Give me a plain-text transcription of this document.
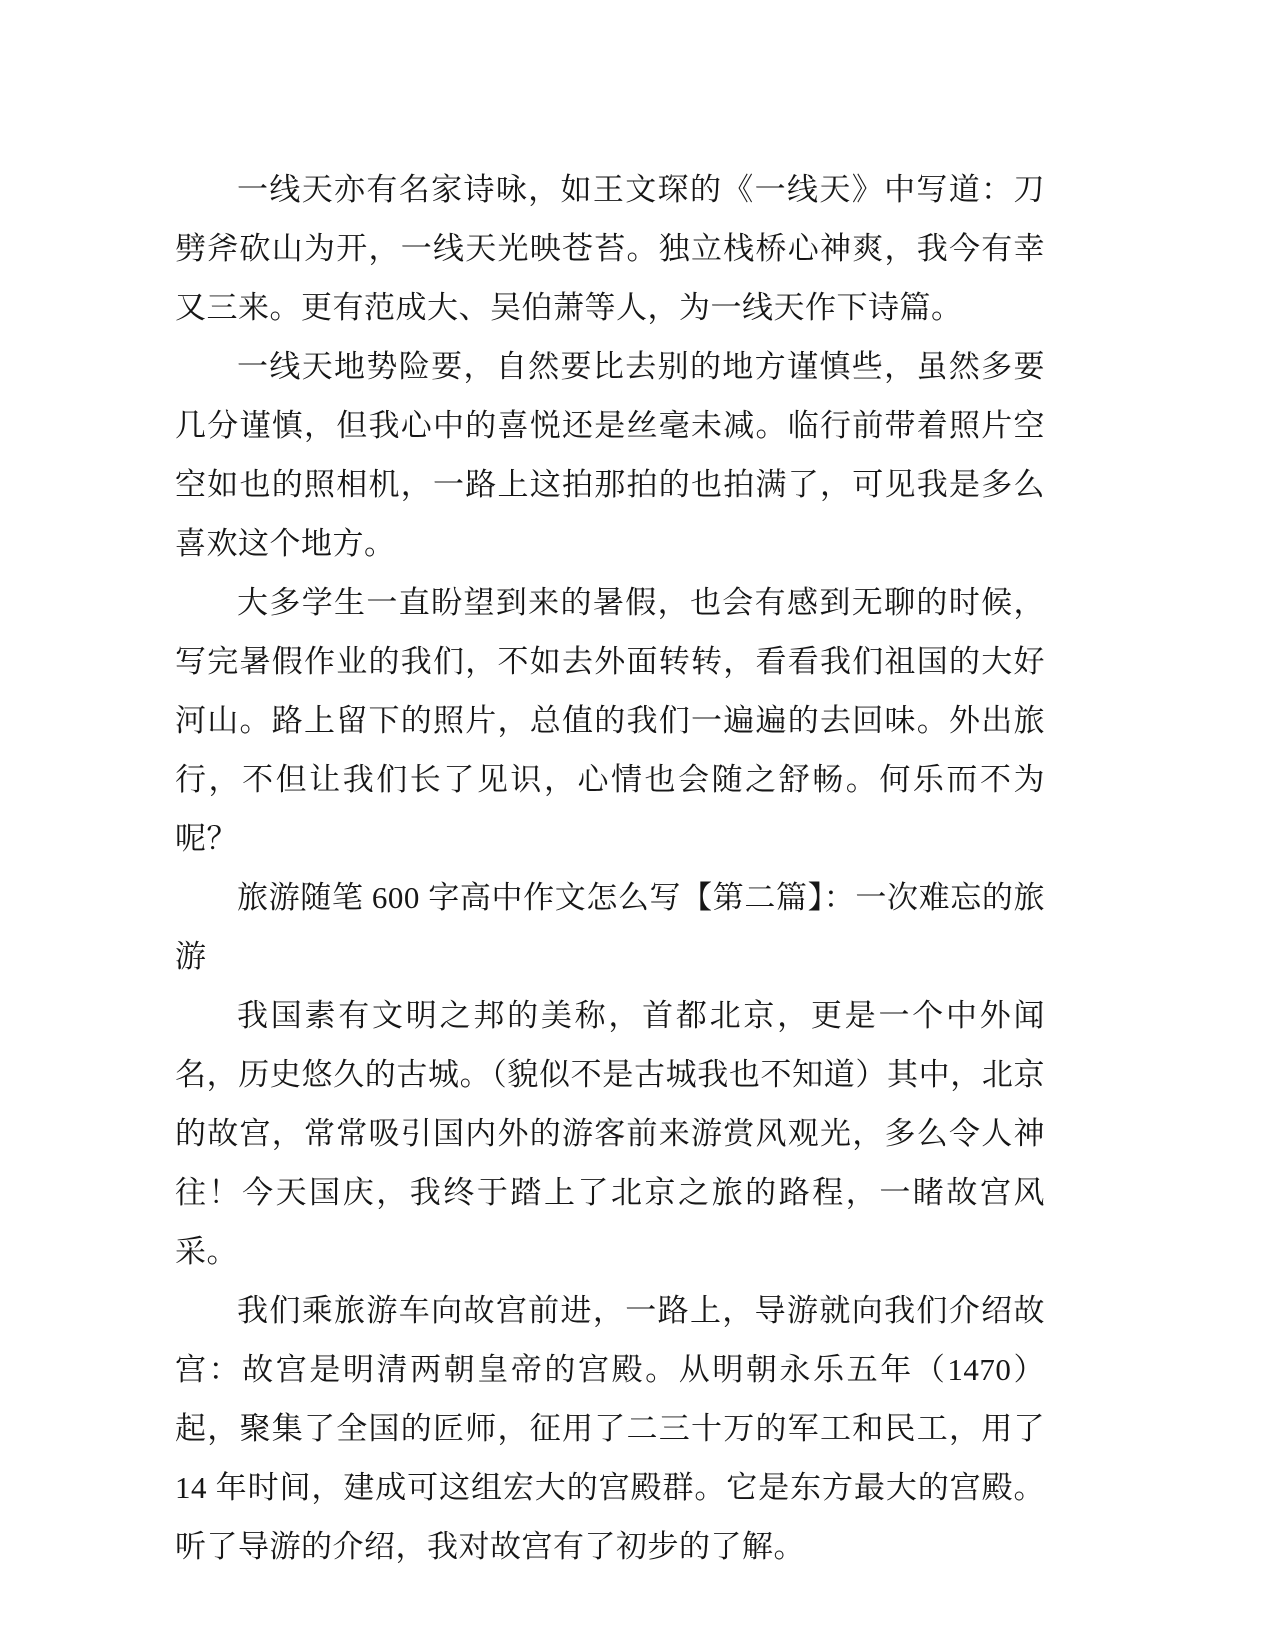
一线天亦有名家诗咏，如王文琛的《一线天》中写道：刀劈斧砍山为开，一线天光映苍苔。独立栈桥心神爽，我今有幸又三来。更有范成大、吴伯萧等人，为一线天作下诗篇。

一线天地势险要，自然要比去别的地方谨慎些，虽然多要几分谨慎，但我心中的喜悦还是丝毫未减。临行前带着照片空空如也的照相机，一路上这拍那拍的也拍满了，可见我是多么喜欢这个地方。

大多学生一直盼望到来的暑假，也会有感到无聊的时候，写完暑假作业的我们，不如去外面转转，看看我们祖国的大好河山。路上留下的照片，总值的我们一遍遍的去回味。外出旅行，不但让我们长了见识，心情也会随之舒畅。何乐而不为呢？

旅游随笔 600 字高中作文怎么写【第二篇】：一次难忘的旅游

我国素有文明之邦的美称，首都北京，更是一个中外闻名，历史悠久的古城。（貌似不是古城我也不知道）其中，北京的故宫，常常吸引国内外的游客前来游赏风观光，多么令人神往！今天国庆，我终于踏上了北京之旅的路程，一睹故宫风采。

我们乘旅游车向故宫前进，一路上，导游就向我们介绍故宫：故宫是明清两朝皇帝的宫殿。从明朝永乐五年（1470）起，聚集了全国的匠师，征用了二三十万的军工和民工，用了 14 年时间，建成可这组宏大的宫殿群。它是东方最大的宫殿。听了导游的介绍，我对故宫有了初步的了解。
